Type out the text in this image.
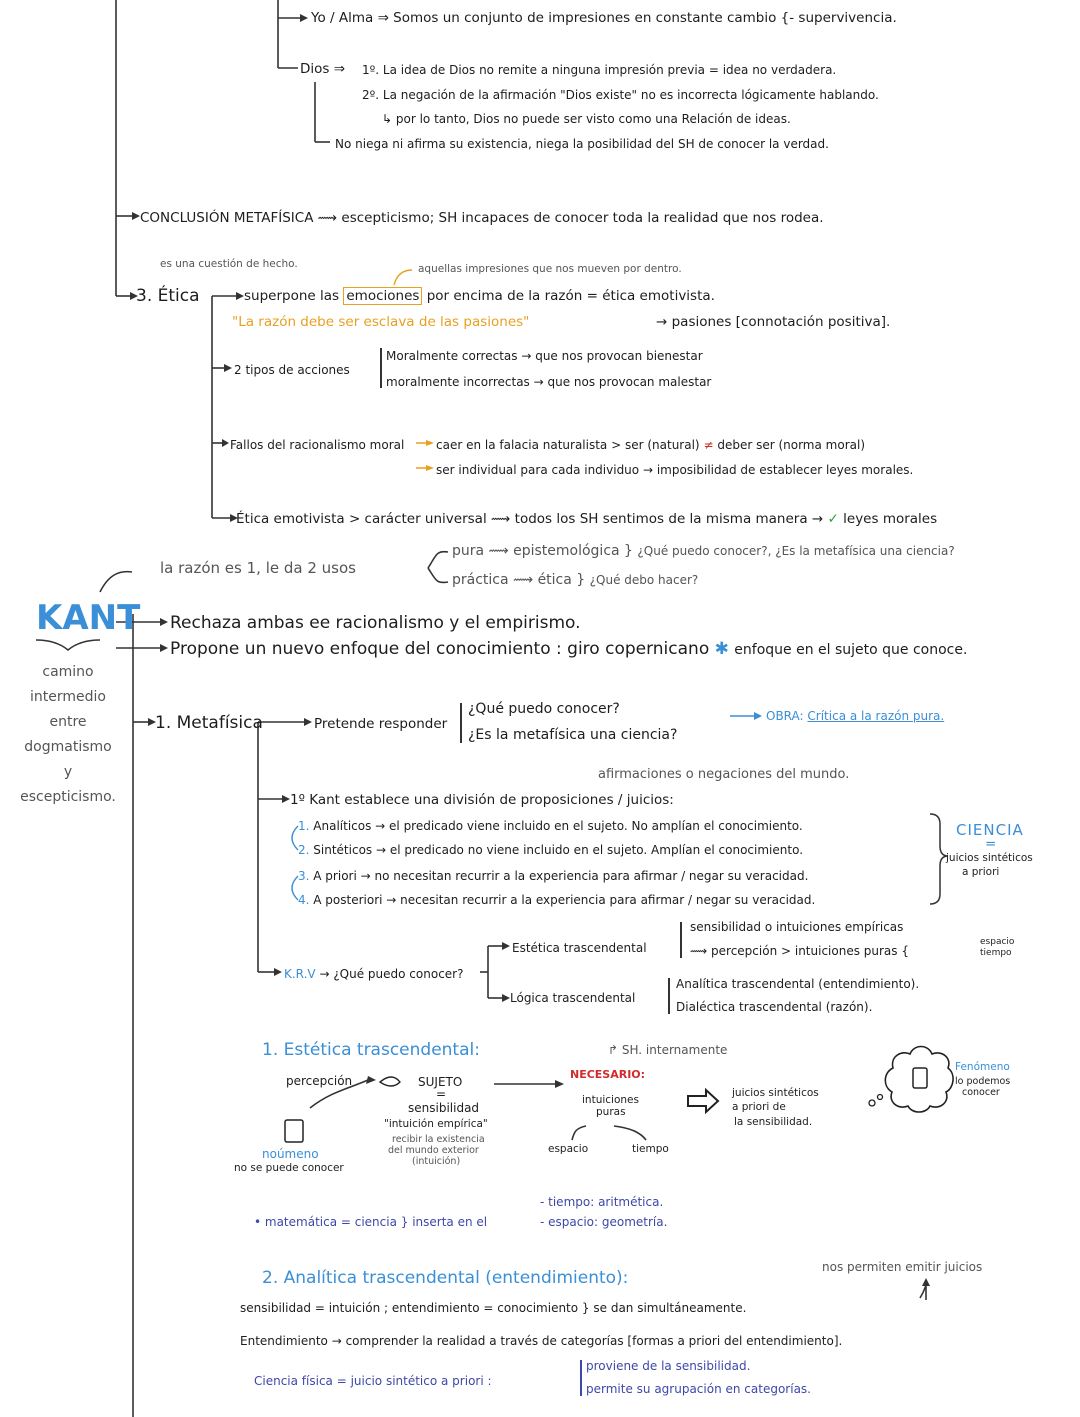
Yo / Alma ⇒ Somos un conjunto de impresiones en constante cambio {- supervivencia.
Dios ⇒ 1º. La idea de Dios no remite a ninguna impresión previa = idea no verdadera.
2º. La negación de la afirmación "Dios existe" no es incorrecta lógicamente hablando.
↳ por lo tanto, Dios no puede ser visto como una Relación de ideas.
No niega ni afirma su existencia, niega la posibilidad del SH de conocer la verdad.
CONCLUSIÓN METAFÍSICA ⟿ escepticismo; SH incapaces de conocer toda la realidad que nos rodea.
es una cuestión de hecho.	aquellas impresiones que nos mueven por dentro.
3. Ética	superpone las emociones por encima de la razón = ética emotivista.
"La razón debe ser esclava de las pasiones"	→ pasiones [connotación positiva].
2 tipos de acciones
Moralmente correctas → que nos provocan bienestar
moralmente incorrectas → que nos provocan malestar
Fallos del racionalismo moral	caer en la falacia naturalista > ser (natural) ≠ deber ser (norma moral)
ser individual para cada individuo → imposibilidad de establecer leyes morales.
Ética emotivista > carácter universal ⟿ todos los SH sentimos de la misma manera → ✓ leyes morales
la razón es 1, le da 2 usos
pura ⟿ epistemológica } ¿Qué puedo conocer?, ¿Es la metafísica una ciencia?
práctica ⟿ ética } ¿Qué debo hacer?
KANT
camino
intermedio
entre
dogmatismo
y
escepticismo.
Rechaza ambas ee racionalismo y el empirismo.
Propone un nuevo enfoque del conocimiento : giro copernicano ✱ enfoque en el sujeto que conoce.
1. Metafísica	Pretende responder
¿Qué puedo conocer?
¿Es la metafísica una ciencia?
OBRA: Crítica a la razón pura.
afirmaciones o negaciones del mundo.
1º Kant establece una división de proposiciones / juicios:
1. Analíticos → el predicado viene incluido en el sujeto. No amplían el conocimiento.
2. Sintéticos → el predicado no viene incluido en el sujeto. Amplían el conocimiento.
3. A priori → no necesitan recurrir a la experiencia para afirmar / negar su veracidad.
4. A posteriori → necesitan recurrir a la experiencia para afirmar / negar su veracidad.
CIENCIA
=
juicios sintéticos
a priori
K.R.V → ¿Qué puedo conocer?
Estética trascendental
sensibilidad o intuiciones empíricas
⟿ percepción > intuiciones puras {
espacio
tiempo
Lógica trascendental
Analítica trascendental (entendimiento).
Dialéctica trascendental (razón).
1. Estética trascendental:
percepción	SUJETO
=
sensibilidad
"intuición empírica"
recibir la existencia
del mundo exterior
(intuición)
noúmeno
no se puede conocer
↱ SH. internamente
NECESARIO:
intuiciones
puras
espacio	tiempo
juicios sintéticos
a priori de
la sensibilidad.
Fenómeno
lo podemos
conocer
• matemática = ciencia } inserta en el
- tiempo: aritmética.
- espacio: geometría.
2. Analítica trascendental (entendimiento):
nos permiten emitir juicios
sensibilidad = intuición ; entendimiento = conocimiento } se dan simultáneamente.
Entendimiento → comprender la realidad a través de categorías [formas a priori del entendimiento].
Ciencia física = juicio sintético a priori :
proviene de la sensibilidad.
permite su agrupación en categorías.
